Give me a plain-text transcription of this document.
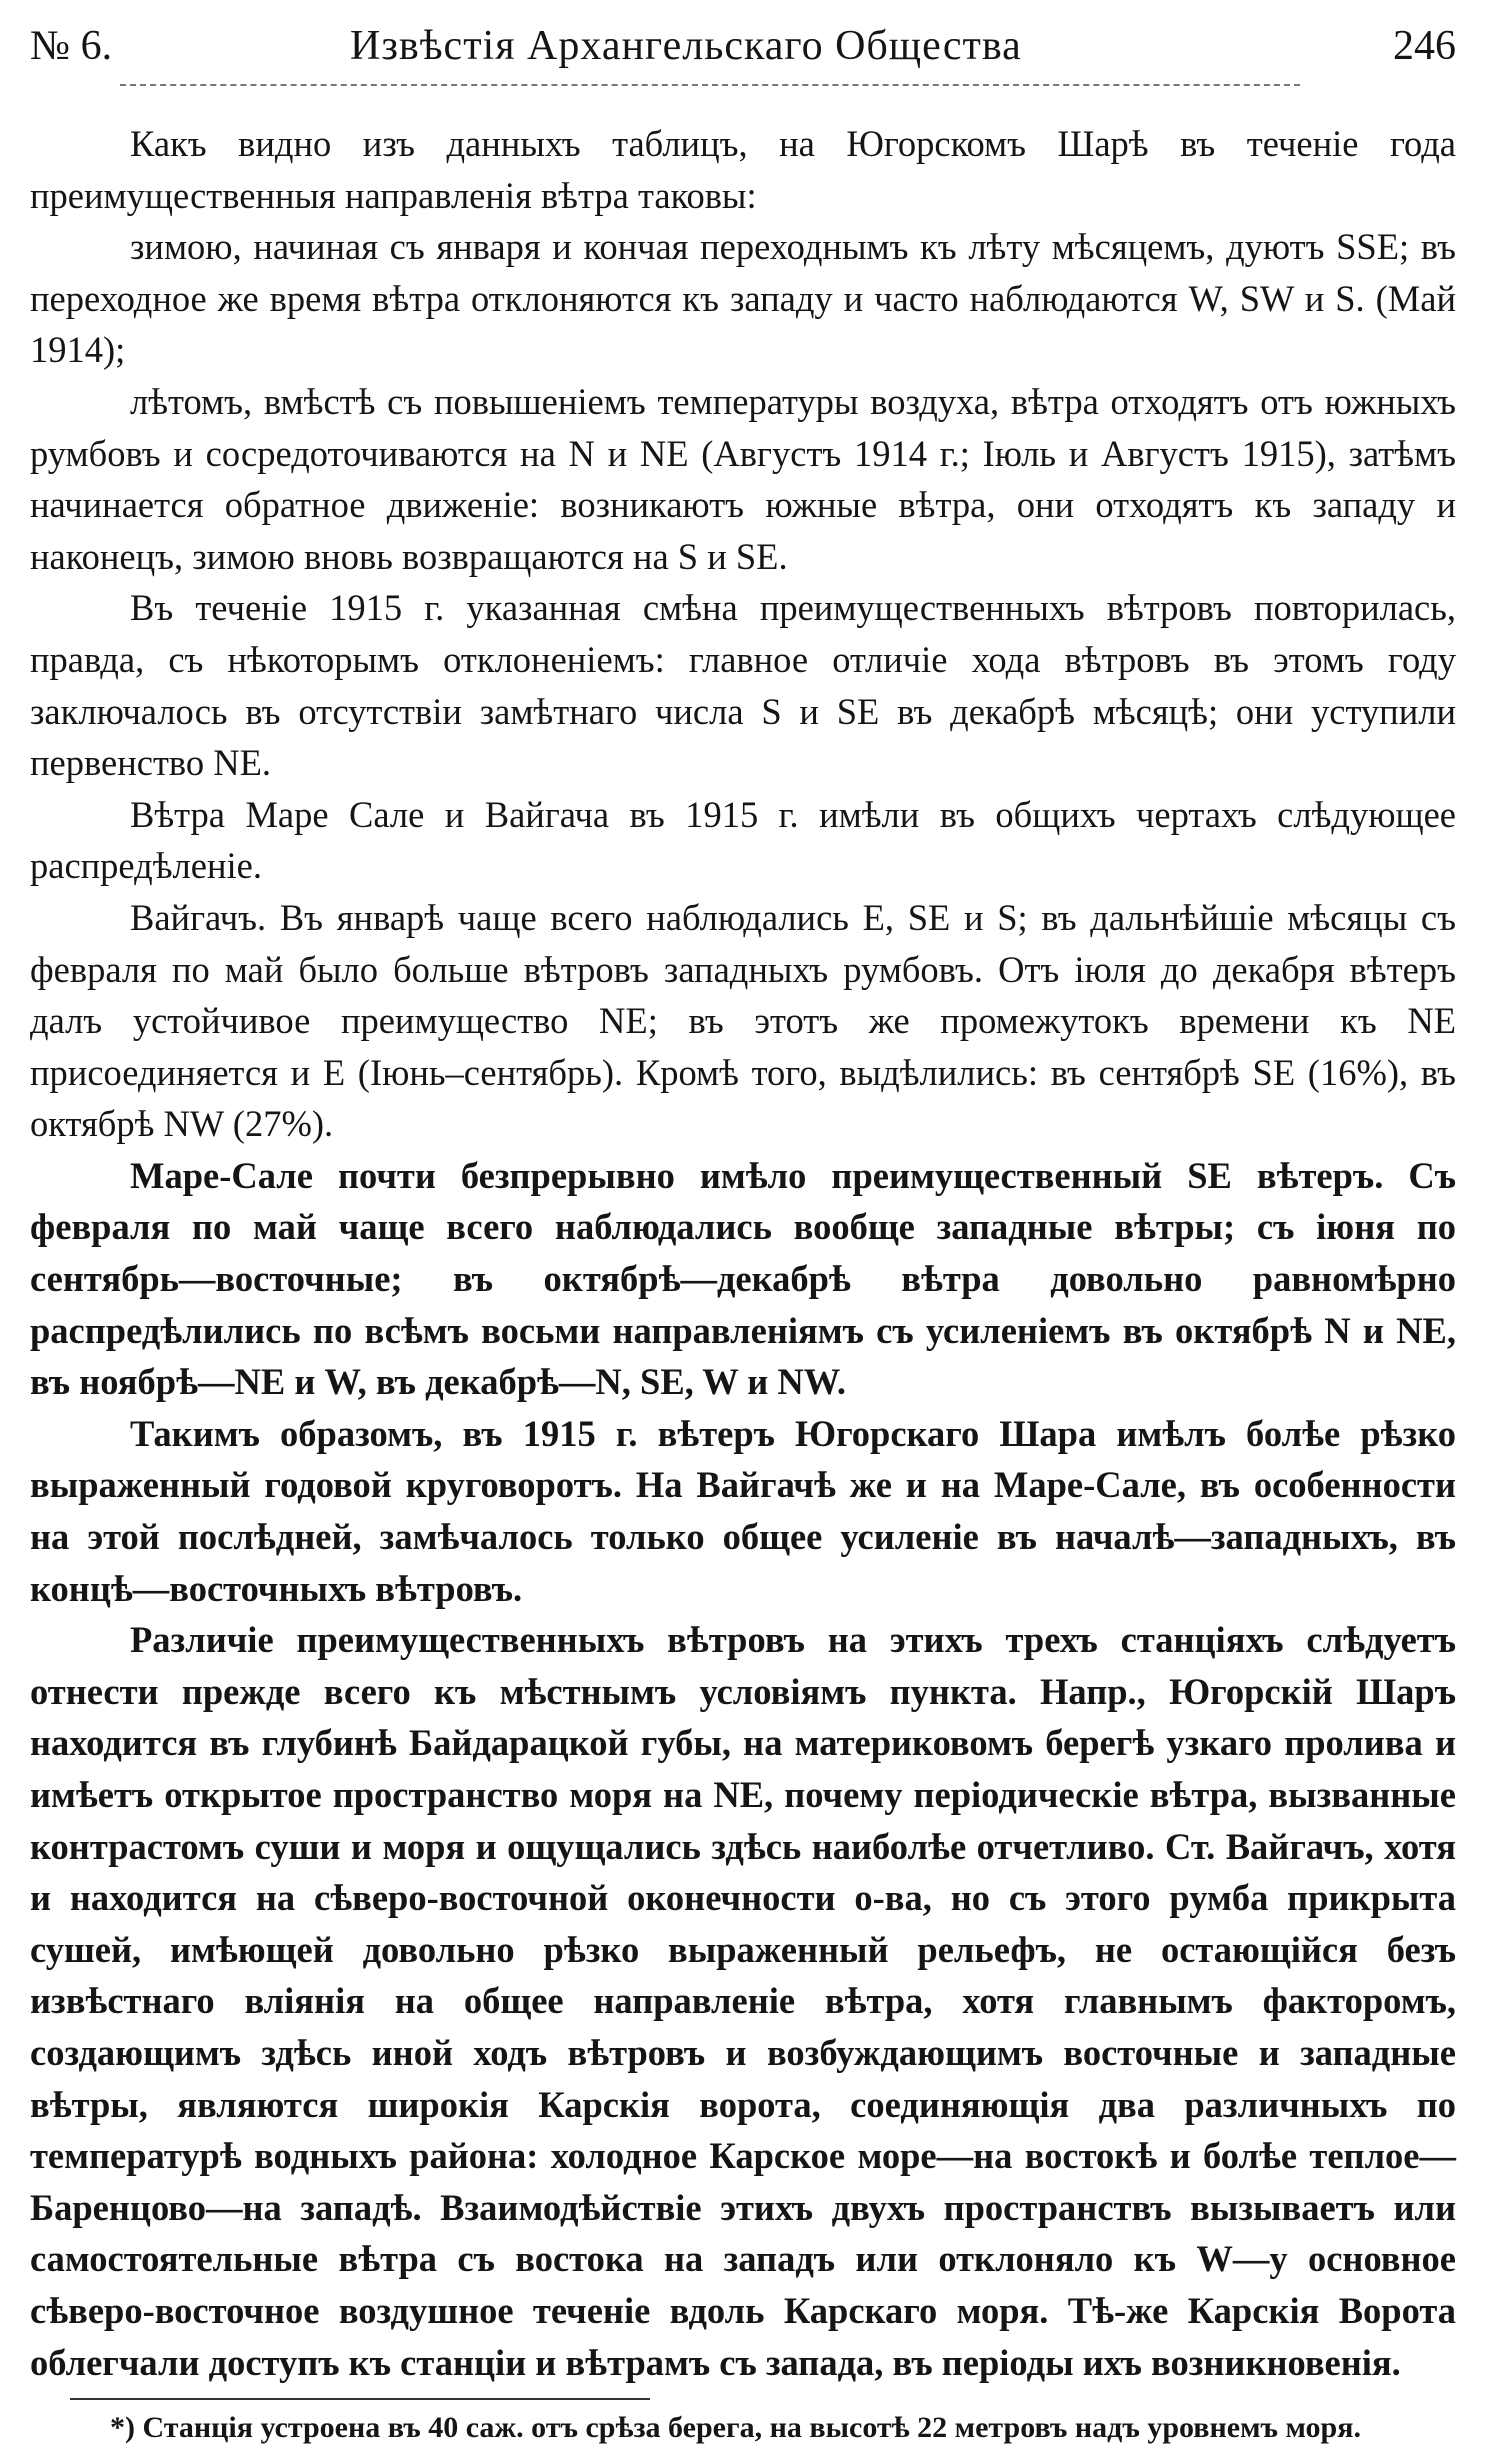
№ 6.	Извѣстія Архангельскаго Общества	246

Какъ видно изъ данныхъ таблицъ, на Югорскомъ Шарѣ въ теченіе года преимущественныя направленія вѣтра таковы:

зимою, начиная съ января и кончая переходнымъ къ лѣту мѣсяцемъ, дуютъ SSE; въ переходное же время вѣтра отклоняются къ западу и часто наблюдаются W, SW и S. (Май 1914);

лѣтомъ, вмѣстѣ съ повышеніемъ температуры воздуха, вѣтра отходятъ отъ южныхъ румбовъ и сосредоточиваются на N и NE (Августъ 1914 г.; Іюль и Августъ 1915), затѣмъ начинается обратное движеніе: возникаютъ южные вѣтра, они отходятъ къ западу и наконецъ, зимою вновь возвращаются на S и SE.

Въ теченіе 1915 г. указанная смѣна преимущественныхъ вѣтровъ повторилась, правда, съ нѣкоторымъ отклоненіемъ: главное отличіе хода вѣтровъ въ этомъ году заключалось въ отсутствіи замѣтнаго числа S и SE въ декабрѣ мѣсяцѣ; они уступили первенство NE.

Вѣтра Маре Сале и Вайгача въ 1915 г. имѣли въ общихъ чертахъ слѣдующее распредѣленіе.

Вайгачъ. Въ январѣ чаще всего наблюдались E, SE и S; въ дальнѣйшіе мѣсяцы съ февраля по май было больше вѣтровъ западныхъ румбовъ. Отъ іюля до декабря вѣтеръ далъ устойчивое преимущество NE; въ этотъ же промежутокъ времени къ NE присоединяется и E (Іюнь–сентябрь). Кромѣ того, выдѣлились: въ сентябрѣ SE (16%), въ октябрѣ NW (27%).

Маре-Сале почти безпрерывно имѣло преимущественный SE вѣтеръ. Съ февраля по май чаще всего наблюдались вообще западные вѣтры; съ іюня по сентябрь—восточные; въ октябрѣ—декабрѣ вѣтра довольно равномѣрно распредѣлились по всѣмъ восьми направленіямъ съ усиленіемъ въ октябрѣ N и NE, въ ноябрѣ—NE и W, въ декабрѣ—N, SE, W и NW.

Такимъ образомъ, въ 1915 г. вѣтеръ Югорскаго Шара имѣлъ болѣе рѣзко выраженный годовой круговоротъ. На Вайгачѣ же и на Маре-Сале, въ особенности на этой послѣдней, замѣчалось только общее усиленіе въ началѣ—западныхъ, въ концѣ—восточныхъ вѣтровъ.

Различіе преимущественныхъ вѣтровъ на этихъ трехъ станціяхъ слѣдуетъ отнести прежде всего къ мѣстнымъ условіямъ пункта. Напр., Югорскій Шаръ находится въ глубинѣ Байдарацкой губы, на материковомъ берегѣ узкаго пролива и имѣетъ открытое пространство моря на NE, почему періодическіе вѣтра, вызванные контрастомъ суши и моря и ощущались здѣсь наиболѣе отчетливо. Ст. Вайгачъ, хотя и находится на сѣверо-восточной оконечности о-ва, но съ этого румба прикрыта сушей, имѣющей довольно рѣзко выраженный рельефъ, не остающійся безъ извѣстнаго вліянія на общее направленіе вѣтра, хотя главнымъ факторомъ, создающимъ здѣсь иной ходъ вѣтровъ и возбуждающимъ восточные и западные вѣтры, являются широкія Карскія ворота, соединяющія два различныхъ по температурѣ водныхъ района: холодное Карское море—на востокѣ и болѣе теплое—Баренцово—на западѣ. Взаимодѣйствіе этихъ двухъ пространствъ вызываетъ или самостоятельные вѣтра съ востока на западъ или отклоняло къ W—у основное сѣверо-восточное воздушное теченіе вдоль Карскаго моря. Тѣ-же Карскія Ворота облегчали доступъ къ станціи и вѣтрамъ съ запада, въ періоды ихъ возникновенія.

*) Станція устроена въ 40 саж. отъ срѣза берега, на высотѣ 22 метровъ надъ уровнемъ моря.
